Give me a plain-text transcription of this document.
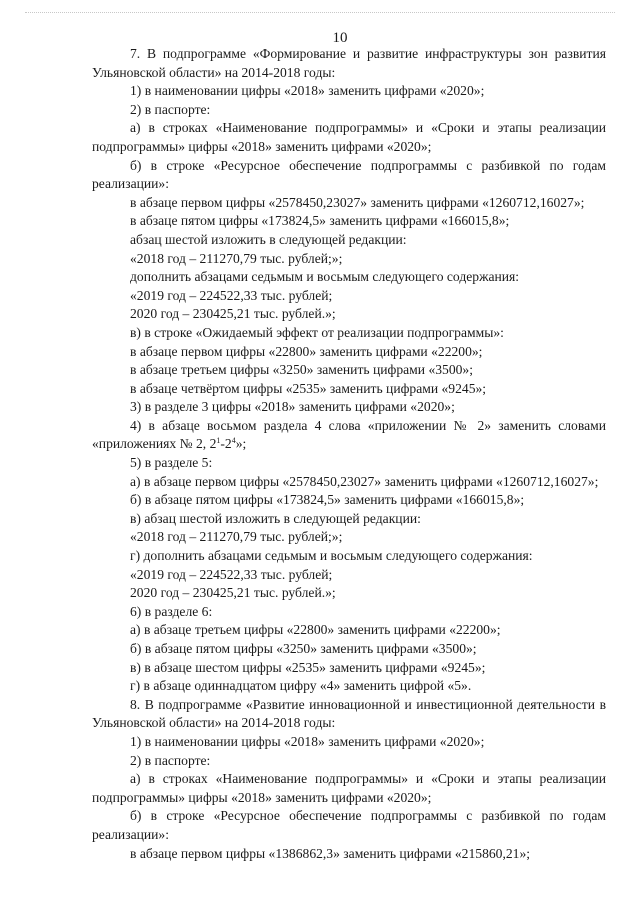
10

7. В подпрограмме «Формирование и развитие инфраструктуры зон развития Ульяновской области» на 2014-2018 годы:

1) в наименовании цифры «2018» заменить цифрами «2020»;

2) в паспорте:

а) в строках «Наименование подпрограммы» и «Сроки и этапы реализации подпрограммы» цифры «2018» заменить цифрами «2020»;

б) в строке «Ресурсное обеспечение подпрограммы с разбивкой по годам реализации»:

в абзаце первом цифры «2578450,23027» заменить цифрами «1260712,16027»;

в абзаце пятом цифры «173824,5» заменить цифрами «166015,8»;

абзац шестой изложить в следующей редакции:

«2018 год – 211270,79 тыс. рублей;»;

дополнить абзацами седьмым и восьмым следующего содержания:

«2019 год – 224522,33 тыс. рублей;

2020 год – 230425,21 тыс. рублей.»;

в) в строке «Ожидаемый эффект от реализации подпрограммы»:

в абзаце первом цифры «22800» заменить цифрами «22200»;

в абзаце третьем цифры «3250» заменить цифрами «3500»;

в абзаце четвёртом цифры «2535» заменить цифрами «9245»;

3) в разделе 3 цифры «2018» заменить цифрами «2020»;

4) в абзаце восьмом раздела 4 слова «приложении № 2» заменить словами «приложениях № 2, $2^1-2^4$»;

5) в разделе 5:

а) в абзаце первом цифры «2578450,23027» заменить цифрами «1260712,16027»;

б) в абзаце пятом цифры «173824,5» заменить цифрами «166015,8»;

в) абзац шестой изложить в следующей редакции:

«2018 год – 211270,79 тыс. рублей;»;

г) дополнить абзацами седьмым и восьмым следующего содержания:

«2019 год – 224522,33 тыс. рублей;

2020 год – 230425,21 тыс. рублей.»;

6) в разделе 6:

а) в абзаце третьем цифры «22800» заменить цифрами «22200»;

б) в абзаце пятом цифры «3250» заменить цифрами «3500»;

в) в абзаце шестом цифры «2535» заменить цифрами «9245»;

г) в абзаце одиннадцатом цифру «4» заменить цифрой «5».

8. В подпрограмме «Развитие инновационной и инвестиционной деятельности в Ульяновской области» на 2014-2018 годы:

1) в наименовании цифры «2018» заменить цифрами «2020»;

2) в паспорте:

а) в строках «Наименование подпрограммы» и «Сроки и этапы реализации подпрограммы» цифры «2018» заменить цифрами «2020»;

б) в строке «Ресурсное обеспечение подпрограммы с разбивкой по годам реализации»:

в абзаце первом цифры «1386862,3» заменить цифрами «215860,21»;
